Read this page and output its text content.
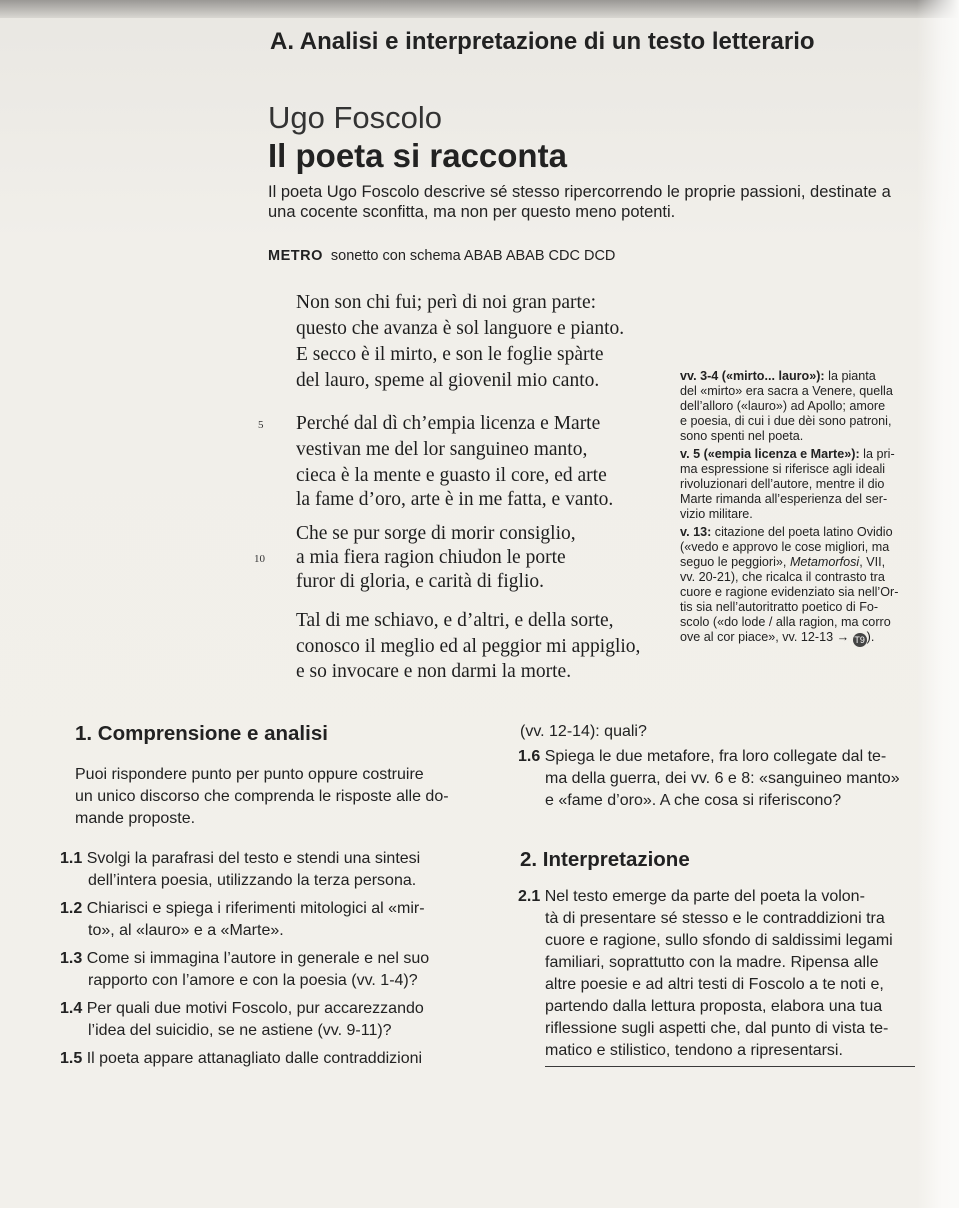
A. Analisi e interpretazione di un testo letterario
Ugo Foscolo
Il poeta si racconta

Il poeta Ugo Foscolo descrive sé stesso ripercorrendo le proprie passioni, destinate a

una cocente sconfitta, ma non per questo meno potenti.

METRO sonetto con schema ABAB ABAB CDC DCD
Non son chi fui; perì di noi gran parte:
questo che avanza è sol languore e pianto.
E secco è il mirto, e son le foglie spàrte
del lauro, speme al giovenil mio canto.
5 Perché dal dì ch’empia licenza e Marte
vestivan me del lor sanguineo manto,
cieca è la mente e guasto il core, ed arte
la fame d’oro, arte è in me fatta, e vanto.
Che se pur sorge di morir consiglio,
10 a mia fiera ragion chiudon le porte
furor di gloria, e carità di figlio.
Tal di me schiavo, e d’altri, e della sorte,
conosco il meglio ed al peggior mi appiglio,
e so invocare e non darmi la morte.
vv. 3-4 («mirto... lauro»): la pianta
del «mirto» era sacra a Venere, quella
dell’alloro («lauro») ad Apollo; amore
e poesia, di cui i due dèi sono patroni,
sono spenti nel poeta.
v. 5 («empia licenza e Marte»): la pri-
ma espressione si riferisce agli ideali
rivoluzionari dell’autore, mentre il dio
Marte rimanda all’esperienza del ser-
vizio militare.
v. 13: citazione del poeta latino Ovidio
(«vedo e approvo le cose migliori, ma
seguo le peggiori», Metamorfosi, VII,
vv. 20-21), che ricalca il contrasto tra
cuore e ragione evidenziato sia nell’Or-
tis sia nell’autoritratto poetico di Fo-
scolo («do lode / alla ragion, ma corro
ove al cor piace», vv. 12-13 → T9 ).
1. Comprensione e analisi
Puoi rispondere punto per punto oppure costruire
un unico discorso che comprenda le risposte alle do-
mande proposte.
1.1 Svolgi la parafrasi del testo e stendi una sintesi
dell’intera poesia, utilizzando la terza persona.
1.2 Chiarisci e spiega i riferimenti mitologici al «mir-
to», al «lauro» e a «Marte».
1.3 Come si immagina l’autore in generale e nel suo
rapporto con l’amore e con la poesia (vv. 1-4)?
1.4 Per quali due motivi Foscolo, pur accarezzando
l’idea del suicidio, se ne astiene (vv. 9-11)?
1.5 Il poeta appare attanagliato dalle contraddizioni
(vv. 12-14): quali?
1.6 Spiega le due metafore, fra loro collegate dal te-
ma della guerra, dei vv. 6 e 8: «sanguineo manto»
e «fame d’oro». A che cosa si riferiscono?
2. Interpretazione
2.1 Nel testo emerge da parte del poeta la volon-
tà di presentare sé stesso e le contraddizioni tra
cuore e ragione, sullo sfondo di saldissimi legami
familiari, soprattutto con la madre. Ripensa alle
altre poesie e ad altri testi di Foscolo a te noti e,
partendo dalla lettura proposta, elabora una tua
riflessione sugli aspetti che, dal punto di vista te-
matico e stilistico, tendono a ripresentarsi.
